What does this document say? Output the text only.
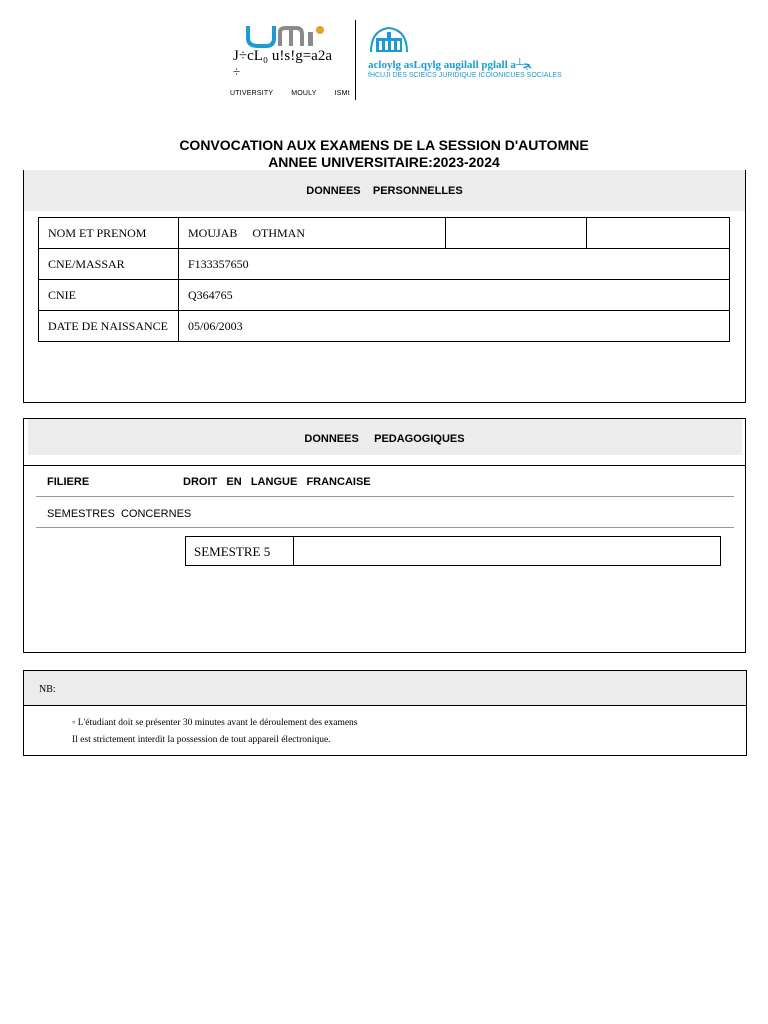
J÷cL₀ u!s!g=a2a
÷
UTIVERSITY	MOULY	ISMt
acloylg asLqylg augilall pglall a┴ﺠ
fHCUJI DES SCIEICS JURIDIQUE ICOIONICUES SOCIALES
CONVOCATION AUX EXAMENS DE LA SESSION D'AUTOMNE
ANNEE UNIVERSITAIRE:2023-2024
DONNEES    PERSONNELLES
NOM ET PRENOM	MOUJAB     OTHMAN		
CNE/MASSAR	F133357650		
CNIE	Q364765		
DATE DE NAISSANCE	05/06/2003		
DONNEES     PEDAGOGIQUES
FILIERE	DROIT   EN   LANGUE   FRANCAISE
SEMESTRES  CONCERNES
SEMESTRE 5
NB:
◦ L'étudiant doit se présenter 30 minutes avant le déroulement des examens
Il est strictement interdit la possession de tout appareil électronique.
